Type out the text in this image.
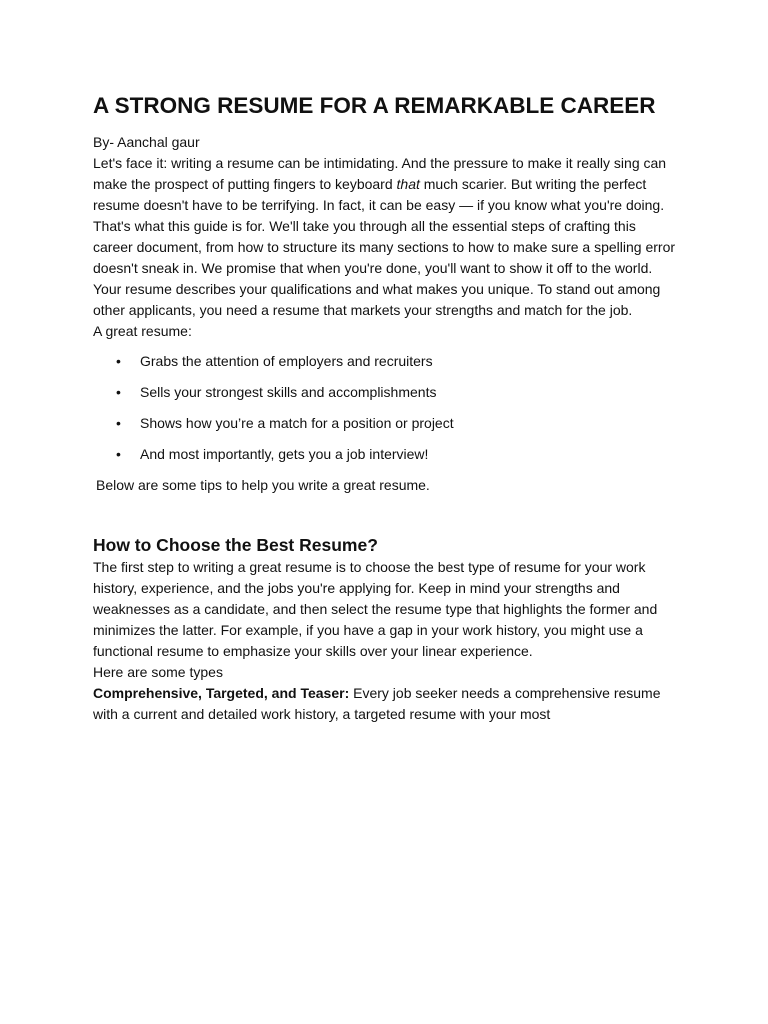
A STRONG RESUME FOR A REMARKABLE CAREER

By- Aanchal gaur

Let's face it: writing a resume can be intimidating. And the pressure to make it really sing can make the prospect of putting fingers to keyboard that much scarier. But writing the perfect resume doesn't have to be terrifying. In fact, it can be easy — if you know what you're doing.

That's what this guide is for. We'll take you through all the essential steps of crafting this career document, from how to structure its many sections to how to make sure a spelling error doesn't sneak in. We promise that when you're done, you'll want to show it off to the world.

Your resume describes your qualifications and what makes you unique. To stand out among other applicants, you need a resume that markets your strengths and match for the job.

A great resume:

• Grabs the attention of employers and recruiters
• Sells your strongest skills and accomplishments
• Shows how you’re a match for a position or project
• And most importantly, gets you a job interview!

Below are some tips to help you write a great resume.

How to Choose the Best Resume?

The first step to writing a great resume is to choose the best type of resume for your work history, experience, and the jobs you're applying for. Keep in mind your strengths and weaknesses as a candidate, and then select the resume type that highlights the former and minimizes the latter. For example, if you have a gap in your work history, you might use a functional resume to emphasize your skills over your linear experience.

Here are some types

Comprehensive, Targeted, and Teaser: Every job seeker needs a comprehensive resume with a current and detailed work history, a targeted resume with your most
